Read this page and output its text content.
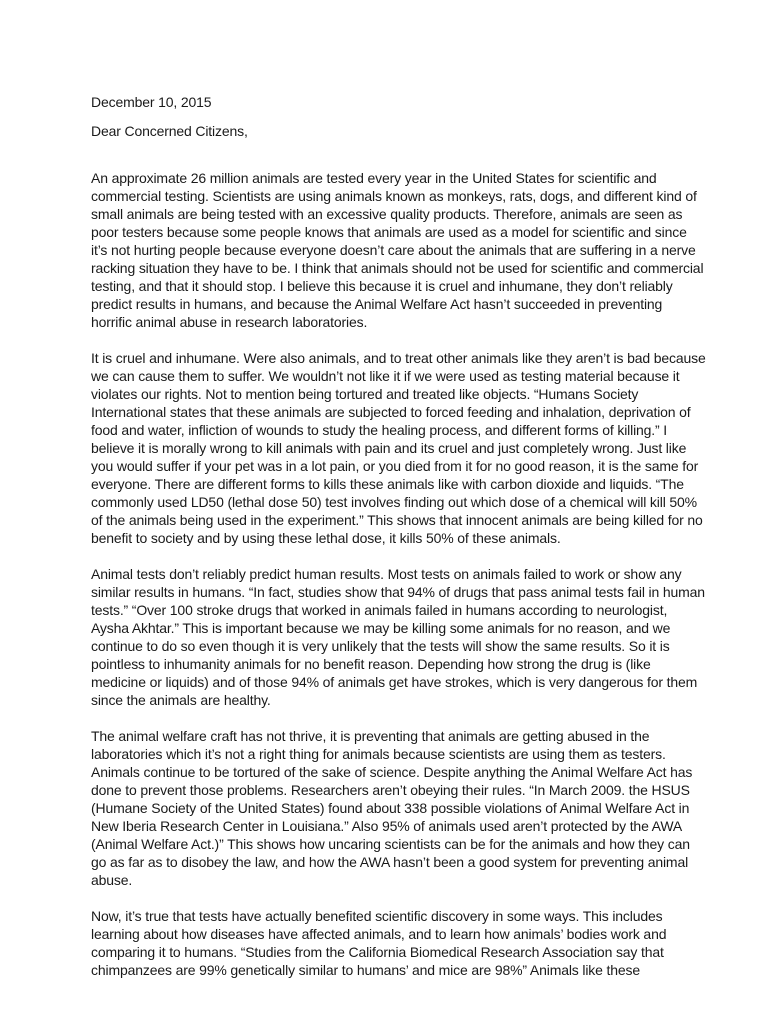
December 10, 2015
Dear Concerned Citizens,

An approximate 26 million animals are tested every year in the United States for scientific and commercial testing. Scientists are using animals known as monkeys, rats, dogs, and different kind of small animals are being tested with an excessive quality products. Therefore, animals are seen as poor testers because some people knows that animals are used as a model for scientific and since it’s not hurting people because everyone doesn’t care about the animals that are suffering in a nerve racking situation they have to be. I think that animals should not be used for scientific and commercial testing, and that it should stop. I believe this because it is cruel and inhumane, they don’t reliably predict results in humans, and because the Animal Welfare Act hasn’t succeeded in preventing horrific animal abuse in research laboratories.

It is cruel and inhumane. Were also animals, and to treat other animals like they aren’t is bad because we can cause them to suffer. We wouldn’t not like it if we were used as testing material because it violates our rights. Not to mention being tortured and treated like objects. “Humans Society International states that these animals are subjected to forced feeding and inhalation, deprivation of food and water, infliction of wounds to study the healing process, and different forms of killing.” I believe it is morally wrong to kill animals with pain and its cruel and just completely wrong. Just like you would suffer if your pet was in a lot pain, or you died from it for no good reason, it is the same for everyone. There are different forms to kills these animals like with carbon dioxide and liquids. “The commonly used LD50 (lethal dose 50) test involves finding out which dose of a chemical will kill 50% of the animals being used in the experiment.” This shows that innocent animals are being killed for no benefit to society and by using these lethal dose, it kills 50% of these animals.

Animal tests don’t reliably predict human results. Most tests on animals failed to work or show any similar results in humans. “In fact, studies show that 94% of drugs that pass animal tests fail in human tests.” “Over 100 stroke drugs that worked in animals failed in humans according to neurologist, Aysha Akhtar.” This is important because we may be killing some animals for no reason, and we continue to do so even though it is very unlikely that the tests will show the same results. So it is pointless to inhumanity animals for no benefit reason. Depending how strong the drug is (like medicine or liquids) and of those 94% of animals get have strokes, which is very dangerous for them since the animals are healthy.

The animal welfare craft has not thrive, it is preventing that animals are getting abused in the laboratories which it’s not a right thing for animals because scientists are using them as testers. Animals continue to be tortured of the sake of science. Despite anything the Animal Welfare Act has done to prevent those problems. Researchers aren’t obeying their rules. “In March 2009. the HSUS (Humane Society of the United States) found about 338 possible violations of Animal Welfare Act in New Iberia Research Center in Louisiana.” Also 95% of animals used aren’t protected by the AWA (Animal Welfare Act.)” This shows how uncaring scientists can be for the animals and how they can go as far as to disobey the law, and how the AWA hasn’t been a good system for preventing animal abuse.

Now, it’s true that tests have actually benefited scientific discovery in some ways. This includes learning about how diseases have affected animals, and to learn how animals’ bodies work and comparing it to humans. “Studies from the California Biomedical Research Association say that chimpanzees are 99% genetically similar to humans’ and mice are 98%” Animals like these
